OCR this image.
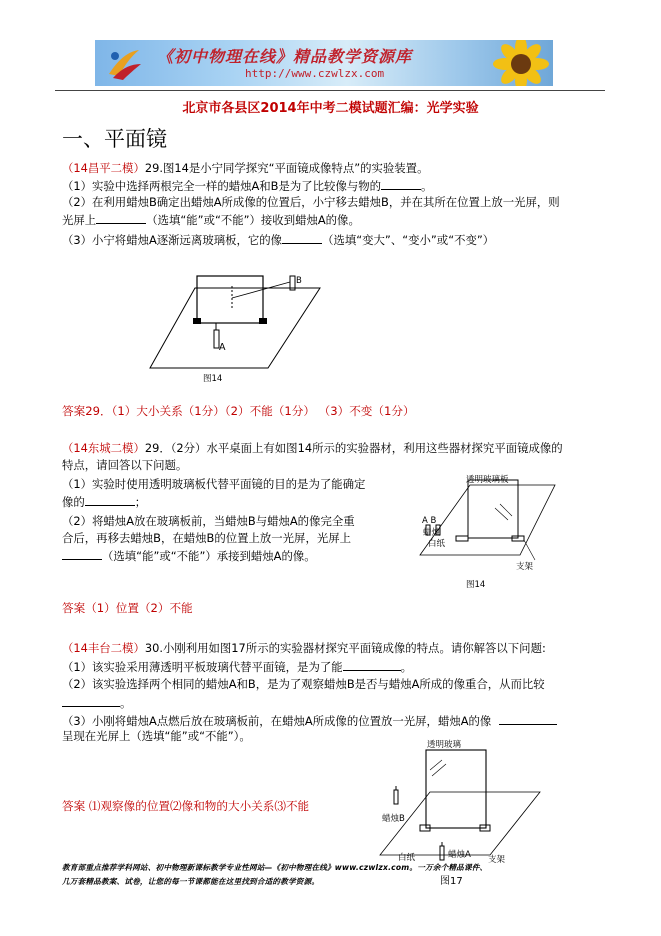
《初中物理在线》精品教学资源库
http://www.czwlzx.com
北京市各县区2014年中考二模试题汇编：光学实验
一、平面镜
（14昌平二模）29.图14是小宁同学探究“平面镜成像特点”的实验装置。
（1）实验中选择两根完全一样的蜡烛A和B是为了比较像与物的	。
（2）在利用蜡烛B确定出蜡烛A所成像的位置后，小宁移去蜡烛B，并在其所在位置上放一光屏，则
光屏上	（选填“能”或“不能”）接收到蜡烛A的像。
（3）小宁将蜡烛A逐渐远离玻璃板，它的像	（选填“变大”、“变小”或“不变”）
B
A
图14
答案29．（1）大小关系（1分）（2）不能（1分） （3）不变（1分）
（14东城二模）29．（2分）水平桌面上有如图14所示的实验器材，利用这些器材探究平面镜成像的
特点，请回答以下问题。
（1）实验时使用透明玻璃板代替平面镜的目的是为了能确定
像的	；
（2）将蜡烛A放在玻璃板前，当蜡烛B与蜡烛A的像完全重
合后，再移去蜡烛B，在蜡烛B的位置上放一光屏，光屏上
（选填“能”或“不能”）承接到蜡烛A的像。
透明玻璃板
A B
蜡烛
白纸
支架
图14
答案（1）位置（2）不能
（14丰台二模）30.小刚利用如图17所示的实验器材探究平面镜成像的特点。请你解答以下问题:
（1）该实验采用薄透明平板玻璃代替平面镜，是为了能	。
（2）该实验选择两个相同的蜡烛A和B，是为了观察蜡烛B是否与蜡烛A所成的像重合，从而比较
。
（3）小刚将蜡烛A点燃后放在玻璃板前，在蜡烛A所成像的位置放一光屏，蜡烛A的像
呈现在光屏上（选填“能”或“不能”）。
答案 ⑴观察像的位置⑵像和物的大小关系⑶不能
透明玻璃
蜡烛B
蜡烛A
白纸	支架
图17
教育部重点推荐学科网站、初中物理新课标教学专业性网站—《初中物理在线》www.czwlzx.com。一万余个精品课件、
几万套精品教案、试卷，让您的每一节课都能在这里找到合适的教学资源。
